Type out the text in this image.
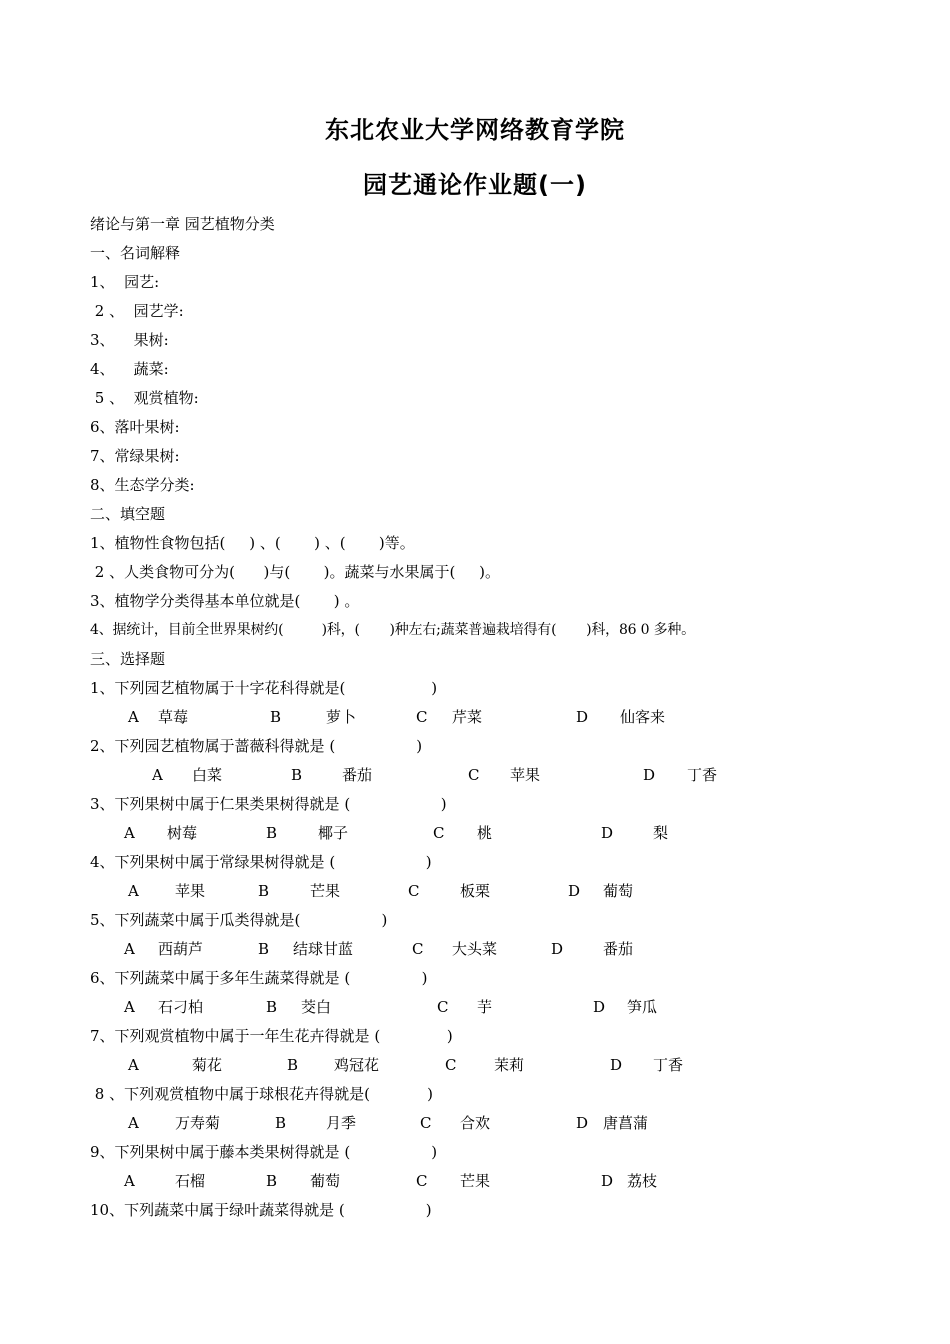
东北农业大学网络教育学院
园艺通论作业题(一)
绪论与第一章 园艺植物分类
一、名词解释
1、  园艺:
2 、  园艺学:
3、    果树:
4、    蔬菜:
5 、  观赏植物:
6、落叶果树:
7、常绿果树:
8、生态学分类:
二、填空题
1、植物性食物包括(     ) 、(       ) 、(       )等。
2 、人类食物可分为(      )与(       )。蔬菜与水果属于(     )。
3、植物学分类得基本单位就是(       ) 。
4、据统计，目前全世界果树约(         )科，(       )种左右;蔬菜普遍栽培得有(       )科，86 0 多种。
三、选择题
1、下列园艺植物属于十字花科得就是(                  )
A 草莓	B	萝卜	C 芹菜	D 仙客来
2、下列园艺植物属于蔷薇科得就是 (                 )
A 白菜	B	番茄	C 苹果	D 丁香
3、下列果树中属于仁果类果树得就是 (                   )
A 树莓	B	椰子	C 桃	D	梨
4、下列果树中属于常绿果树得就是 (                   )
A 苹果	B	芒果	C	板栗	D 葡萄
5、下列蔬菜中属于瓜类得就是(                 )
A 西葫芦	B 结球甘蓝	C 大头菜	D	番茄
6、下列蔬菜中属于多年生蔬菜得就是 (               )
A 石刁柏	B 茭白	C 芋	D 笋瓜
7、下列观赏植物中属于一年生花卉得就是 (              )
A	菊花	B 鸡冠花	C	茉莉	D 丁香
8 、下列观赏植物中属于球根花卉得就是(            )
A 万寿菊	B	月季	C 合欢	D 唐菖蒲
9、下列果树中属于藤本类果树得就是 (                 )
A	石榴	B 葡萄	C 芒果	D 荔枝
10、下列蔬菜中属于绿叶蔬菜得就是 (                 )
